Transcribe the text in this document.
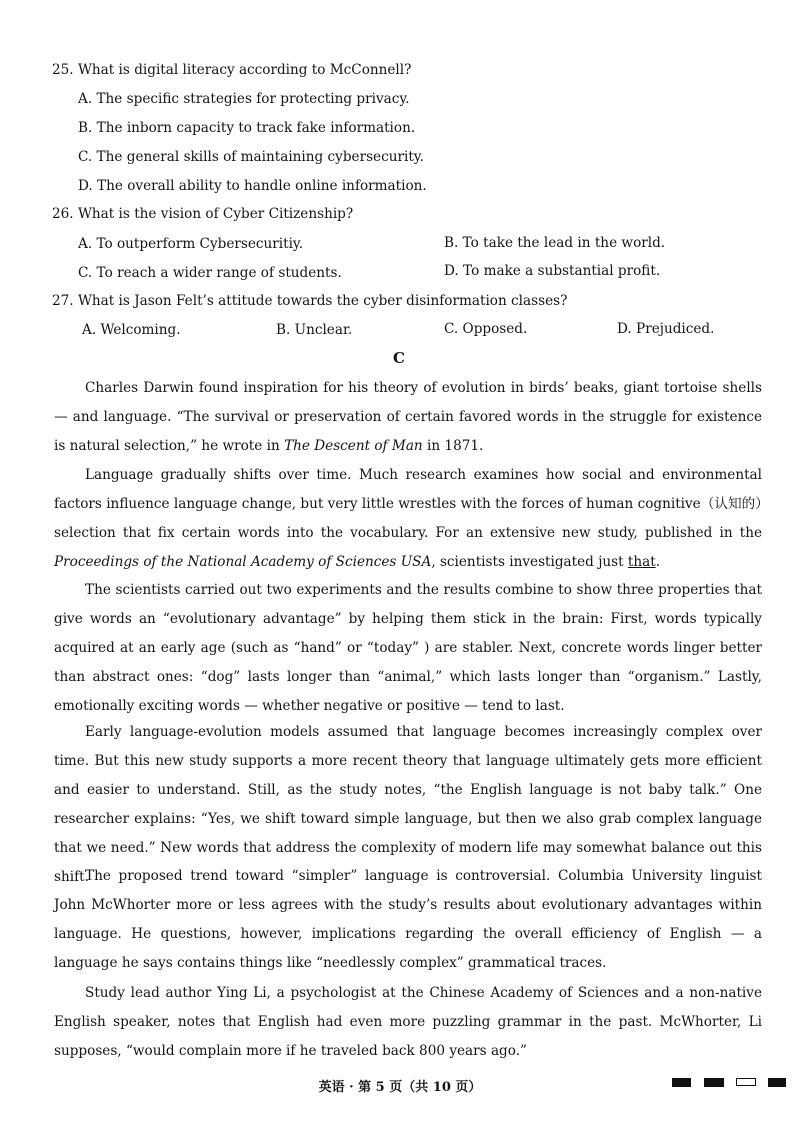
25. What is digital literacy according to McConnell?
A. The specific strategies for protecting privacy.
B. The inborn capacity to track fake information.
C. The general skills of maintaining cybersecurity.
D. The overall ability to handle online information.
26. What is the vision of Cyber Citizenship?
A. To outperform Cybersecuritiy.	B. To take the lead in the world.
C. To reach a wider range of students.	D. To make a substantial profit.
27. What is Jason Felt’s attitude towards the cyber disinformation classes?
A. Welcoming.	B. Unclear.	C. Opposed.	D. Prejudiced.
C

Charles Darwin found inspiration for his theory of evolution in birds’ beaks, giant tortoise shells — and language. “The survival or preservation of certain favored words in the struggle for existence is natural selection,” he wrote in The Descent of Man in 1871.

Language gradually shifts over time. Much research examines how social and environmental factors influence language change, but very little wrestles with the forces of human cognitive（认知的）selection that fix certain words into the vocabulary. For an extensive new study, published in the Proceedings of the National Academy of Sciences USA, scientists investigated just that.

The scientists carried out two experiments and the results combine to show three properties that give words an “evolutionary advantage” by helping them stick in the brain: First, words typically acquired at an early age (such as “hand” or “today” ) are stabler. Next, concrete words linger better than abstract ones: “dog” lasts longer than “animal,” which lasts longer than “organism.” Lastly, emotionally exciting words — whether negative or positive — tend to last.

Early language-evolution models assumed that language becomes increasingly complex over time. But this new study supports a more recent theory that language ultimately gets more efficient and easier to understand. Still, as the study notes, “the English language is not baby talk.” One researcher explains: “Yes, we shift toward simple language, but then we also grab complex language that we need.” New words that address the complexity of modern life may somewhat balance out this shift.

The proposed trend toward “simpler” language is controversial. Columbia University linguist John McWhorter more or less agrees with the study’s results about evolutionary advantages within language. He questions, however, implications regarding the overall efficiency of English — a language he says contains things like “needlessly complex” grammatical traces.

Study lead author Ying Li, a psychologist at the Chinese Academy of Sciences and a non-native English speaker, notes that English had even more puzzling grammar in the past. McWhorter, Li supposes, “would complain more if he traveled back 800 years ago.”

英语 · 第 5 页（共 10 页）
